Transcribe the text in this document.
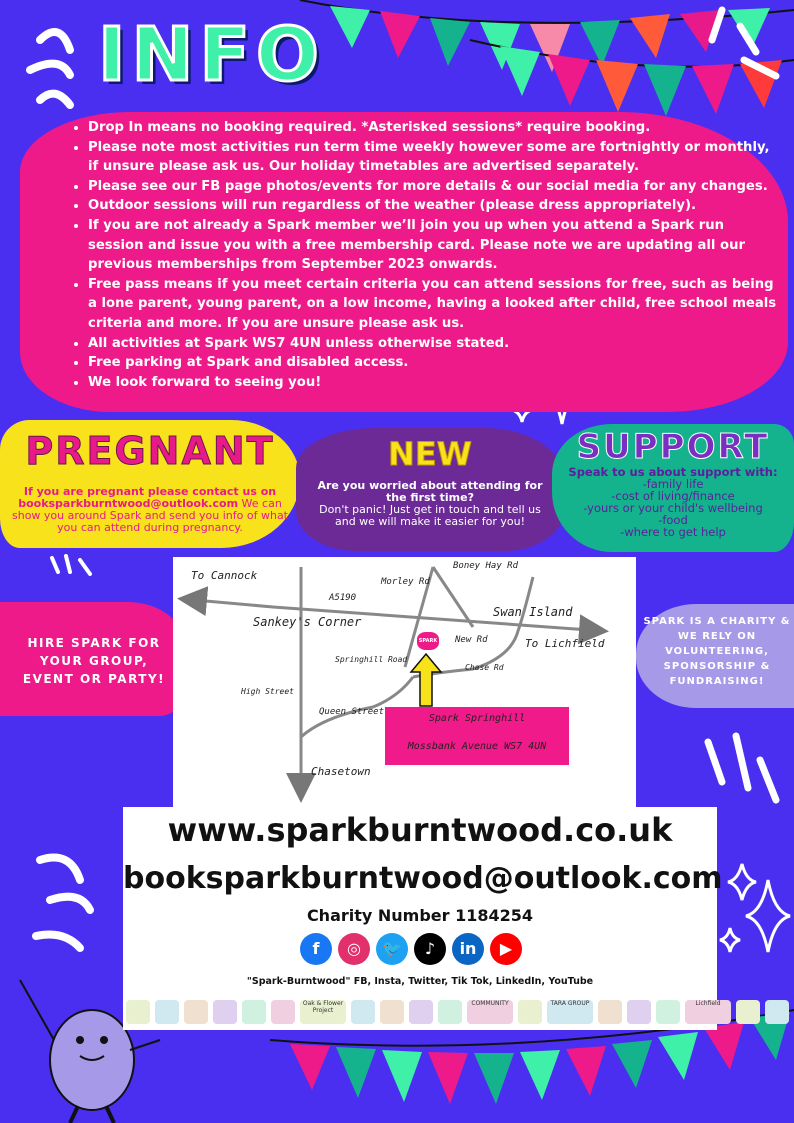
INFO
• Drop In means no booking required. *Asterisked sessions* require booking.
• Please note most activities run term time weekly however some are fortnightly or monthly, if unsure please ask us. Our holiday timetables are advertised separately.
• Please see our FB page photos/events for more details & our social media for any changes.
• Outdoor sessions will run regardless of the weather (please dress appropriately).
• If you are not already a Spark member we’ll join you up when you attend a Spark run session and issue you with a free membership card. Please note we are updating all our previous memberships from September 2023 onwards.
• Free pass means if you meet certain criteria you can attend sessions for free, such as being a lone parent, young parent, on a low income, having a looked after child, free school meals criteria and more. If you are unsure please ask us.
• All activities at Spark WS7 4UN unless otherwise stated.
• Free parking at Spark and disabled access.
• We look forward to seeing you!
PREGNANT
If you are pregnant please contact us on booksparkburntwood@outlook.com We can show you around Spark and send you info of what you can attend during pregnancy.
NEW
Are you worried about attending for the first time?
Don't panic! Just get in touch and tell us and we will make it easier for you!
SUPPORT
Speak to us about support with:
-family life
-cost of living/finance
-yours or your child's wellbeing
-food
-where to get help
HIRE SPARK FOR YOUR GROUP, EVENT OR PARTY!
SPARK IS A CHARITY & WE RELY ON VOLUNTEERING, SPONSORSHIP & FUNDRAISING!
To Cannock	Morley Rd
Boney Hay Rd
A5190
Swan Island
Sankey's Corner
New Rd	To Lichfield
Springhill Road
Chase Rd
High Street
Queen Street
Chasetown
SPARK
Spark Springhill
Mossbank Avenue WS7 4UN
www.sparkburntwood.co.uk
booksparkburntwood@outlook.com
Charity Number 1184254
f	◎	🐦	♪	in	▶
"Spark-Burntwood" FB, Insta, Twitter, Tik Tok, LinkedIn, YouTube
Oak & Flower Project
COMMUNITY	TARA GROUP	Lichfield
